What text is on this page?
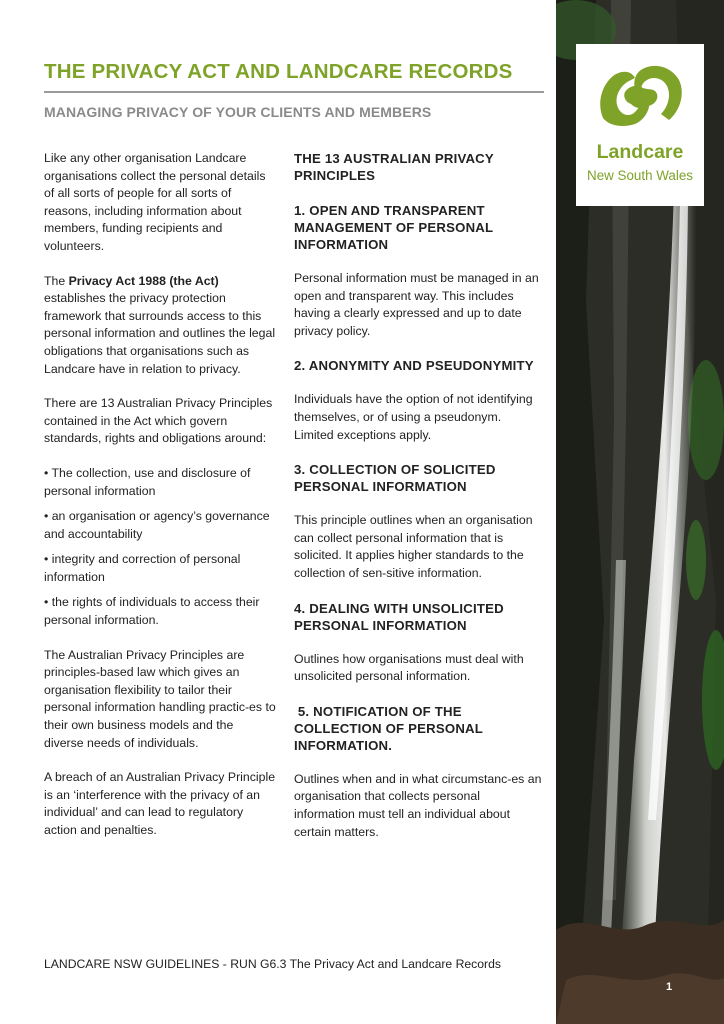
THE PRIVACY ACT AND LANDCARE RECORDS
MANAGING PRIVACY OF YOUR CLIENTS AND MEMBERS

Like any other organisation Landcare organisations collect the personal details of all sorts of people for all sorts of reasons, including information about members, funding recipients and volunteers.

The Privacy Act 1988 (the Act) establishes the privacy protection framework that surrounds access to this personal information and outlines the legal obligations that organisations such as Landcare have in relation to privacy.

There are 13 Australian Privacy Principles contained in the Act which govern standards, rights and obligations around:

• The collection, use and disclosure of personal information

• an organisation or agency’s governance and accountability

• integrity and correction of personal information

• the rights of individuals to access their personal information.

The Australian Privacy Principles are principles-based law which gives an organisation flexibility to tailor their personal information handling practic-es to their own business models and the diverse needs of individuals.

A breach of an Australian Privacy Principle is an ‘interference with the privacy of an individual’ and can lead to regulatory action and penalties.

THE 13 AUSTRALIAN PRIVACY PRINCIPLES
1. OPEN AND TRANSPARENT MANAGEMENT OF PERSONAL INFORMATION

Personal information must be managed in an open and transparent way. This includes having a clearly expressed and up to date privacy policy.

2. ANONYMITY AND PSEUDONYMITY

Individuals have the option of not identifying themselves, or of using a pseudonym. Limited exceptions apply.

3. COLLECTION OF SOLICITED PERSONAL INFORMATION

This principle outlines when an organisation can collect personal information that is solicited. It applies higher standards to the collection of sen-sitive information.

4. DEALING WITH UNSOLICITED PERSONAL INFORMATION

Outlines how organisations must deal with unsolicited personal information.

5. NOTIFICATION OF THE COLLECTION OF PERSONAL INFORMATION.

Outlines when and in what circumstanc-es an organisation that collects personal information must tell an individual about certain matters.

LANDCARE NSW GUIDELINES - RUN G6.3 The Privacy Act and Landcare Records
Landcare
New South Wales
1
